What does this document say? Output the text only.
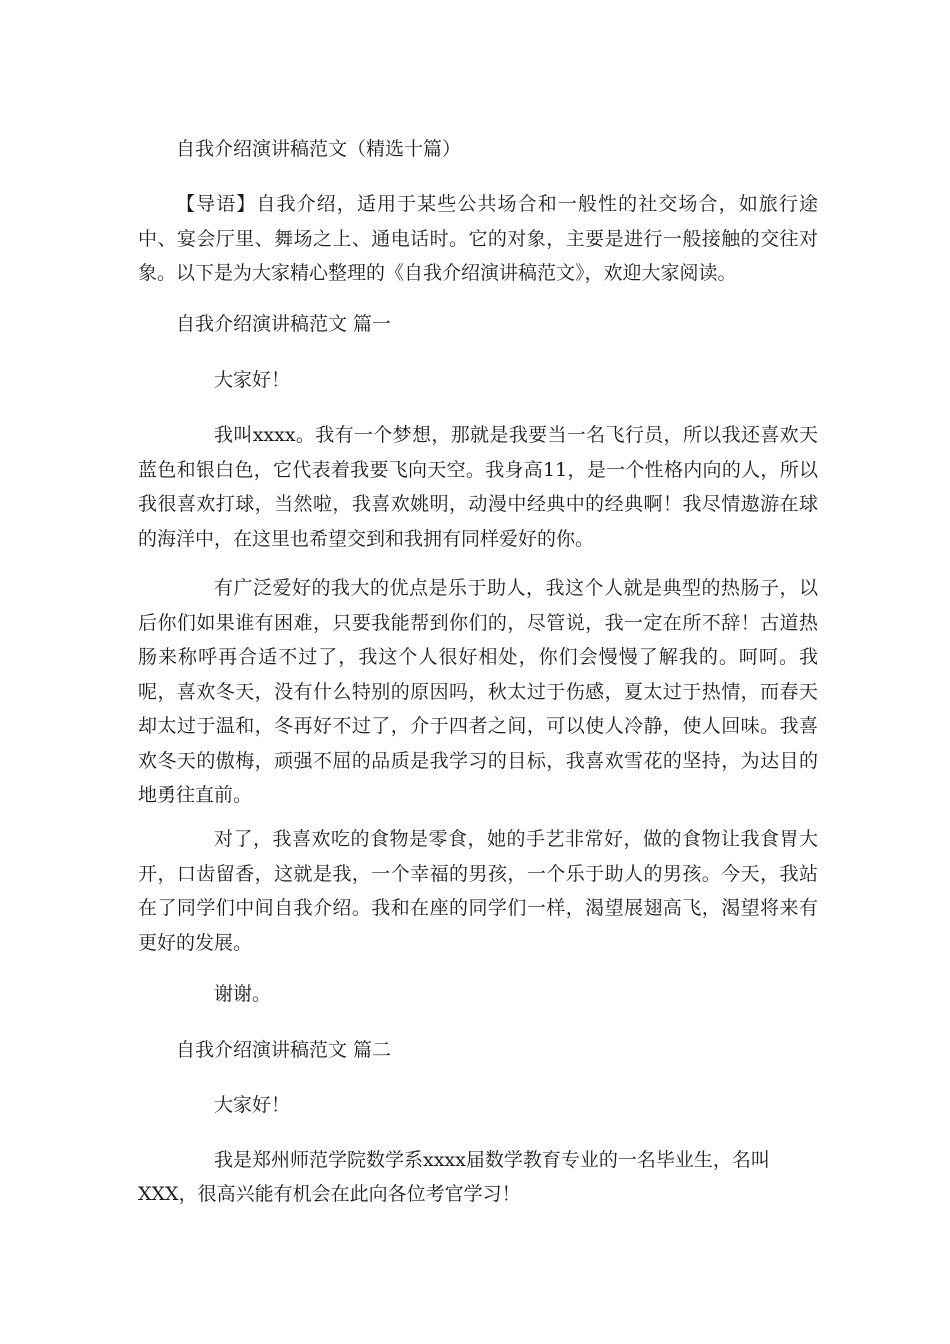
自我介绍演讲稿范文（精选十篇）
【导语】自我介绍，适用于某些公共场合和一般性的社交场合，如旅行途中、宴会厅里、舞场之上、通电话时。它的对象，主要是进行一般接触的交往对象。以下是为大家精心整理的《自我介绍演讲稿范文》，欢迎大家阅读。
自我介绍演讲稿范文 篇一
大家好！
我叫xxxx。我有一个梦想，那就是我要当一名飞行员，所以我还喜欢天蓝色和银白色，它代表着我要飞向天空。我身高11，是一个性格内向的人，所以我很喜欢打球，当然啦，我喜欢姚明，动漫中经典中的经典啊！我尽情遨游在球的海洋中，在这里也希望交到和我拥有同样爱好的你。
有广泛爱好的我大的优点是乐于助人，我这个人就是典型的热肠子，以后你们如果谁有困难，只要我能帮到你们的，尽管说，我一定在所不辞！古道热肠来称呼再合适不过了，我这个人很好相处，你们会慢慢了解我的。呵呵。我呢，喜欢冬天，没有什么特别的原因吗，秋太过于伤感，夏太过于热情，而春天却太过于温和，冬再好不过了，介于四者之间，可以使人冷静，使人回味。我喜欢冬天的傲梅，顽强不屈的品质是我学习的目标，我喜欢雪花的坚持，为达目的地勇往直前。
对了，我喜欢吃的食物是零食，她的手艺非常好，做的食物让我食胃大开，口齿留香，这就是我，一个幸福的男孩，一个乐于助人的男孩。今天，我站在了同学们中间自我介绍。我和在座的同学们一样，渴望展翅高飞，渴望将来有更好的发展。
谢谢。
自我介绍演讲稿范文 篇二
大家好！
我是郑州师范学院数学系xxxx届数学教育专业的一名毕业生，名叫
XXX，很高兴能有机会在此向各位考官学习！
